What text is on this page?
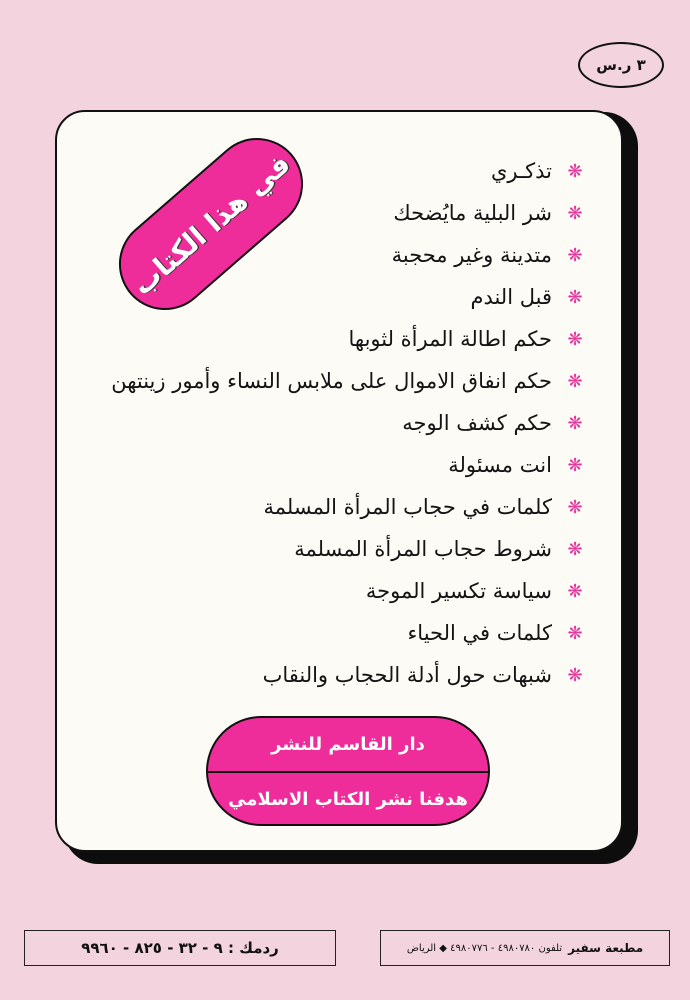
٣ ر.س
في هذا الكتاب	❋
تذكـري
❋
شر البلية مايُضحك
❋
متدينة وغير محجبة
❋
قبل الندم
❋
حكم اطالة المرأة لثوبها
❋
حكم انفاق الاموال على ملابس النساء وأمور زينتهن
❋
حكم كشف الوجه
❋
انت مسئولة
❋
كلمات في حجاب المرأة المسلمة
❋
شروط حجاب المرأة المسلمة
❋
سياسة تكسير الموجة
❋
كلمات في الحياء
❋
شبهات حول أدلة الحجاب والنقاب
دار القاسم للنشر
هدفنا نشر الكتاب الاسلامي
ردمك : ٩ - ٣٢ - ٨٢٥ - ٩٩٦٠	مطبعة سفير
تلفون ٤٩٨٠٧٨٠ - ٤٩٨٠٧٧٦ ◆ الرياض
